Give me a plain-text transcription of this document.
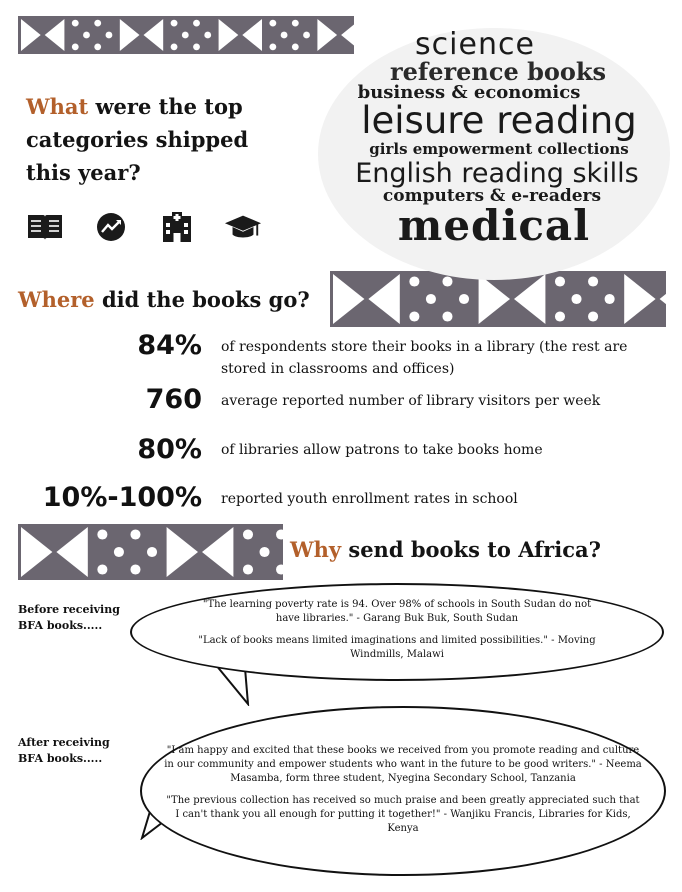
What were the top categories shipped this year?
science
reference books
business & economics
leisure reading
girls empowerment collections
English reading skills
computers & e-readers
medical
Where did the books go?
84% of respondents store their books in a library (the rest are stored in classrooms and offices)
760 average reported number of library visitors per week
80% of libraries allow patrons to take books home
10%-100% reported youth enrollment rates in school
Why send books to Africa?
Before receiving BFA books.....

"The learning poverty rate is 94. Over 98% of schools in South Sudan do not have libraries." - Garang Buk Buk, South Sudan

"Lack of books means limited imaginations and limited possibilities." - Moving Windmills, Malawi

After receiving BFA books.....

"I am happy and excited that these books we received from you promote reading and culture in our community and empower students who want in the future to be good writers." - Neema Masamba, form three student, Nyegina Secondary School, Tanzania

"The previous collection has received so much praise and been greatly appreciated such that I can't thank you all enough for putting it together!" - Wanjiku Francis, Libraries for Kids, Kenya
